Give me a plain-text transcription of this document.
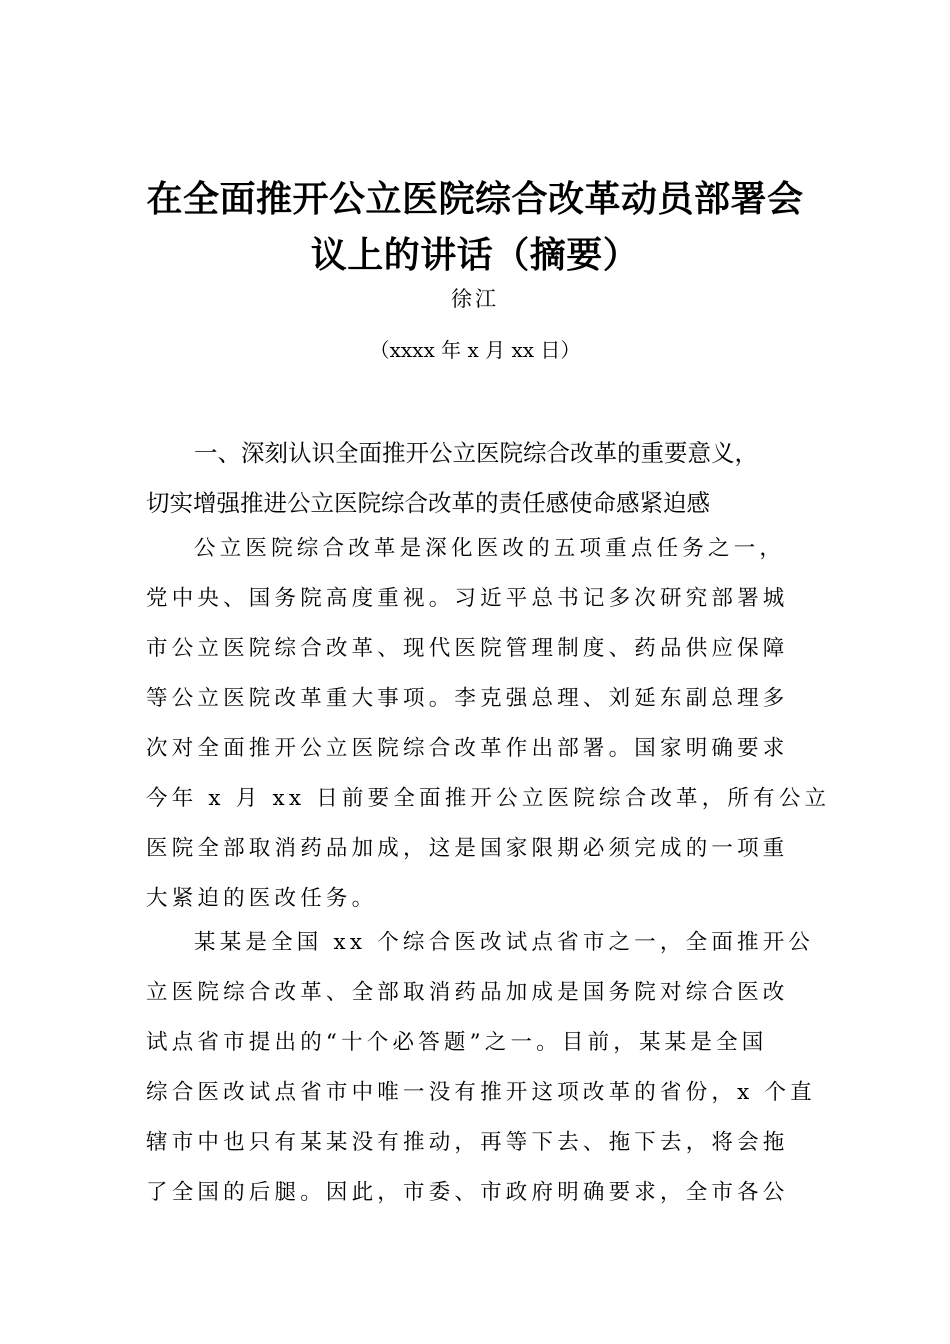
在全面推开公立医院综合改革动员部署会
议上的讲话（摘要）
徐江
（xxxx 年 x 月 xx 日）
一、深刻认识全面推开公立医院综合改革的重要意义，
切实增强推进公立医院综合改革的责任感使命感紧迫感
公立医院综合改革是深化医改的五项重点任务之一，
党中央、国务院高度重视。习近平总书记多次研究部署城
市公立医院综合改革、现代医院管理制度、药品供应保障
等公立医院改革重大事项。李克强总理、刘延东副总理多
次对全面推开公立医院综合改革作出部署。国家明确要求
今年 x 月 xx 日前要全面推开公立医院综合改革，所有公立
医院全部取消药品加成，这是国家限期必须完成的一项重
大紧迫的医改任务。
某某是全国 xx 个综合医改试点省市之一，全面推开公
立医院综合改革、全部取消药品加成是国务院对综合医改
试点省市提出的“十个必答题”之一。目前，某某是全国
综合医改试点省市中唯一没有推开这项改革的省份，x 个直
辖市中也只有某某没有推动，再等下去、拖下去，将会拖
了全国的后腿。因此，市委、市政府明确要求，全市各公
